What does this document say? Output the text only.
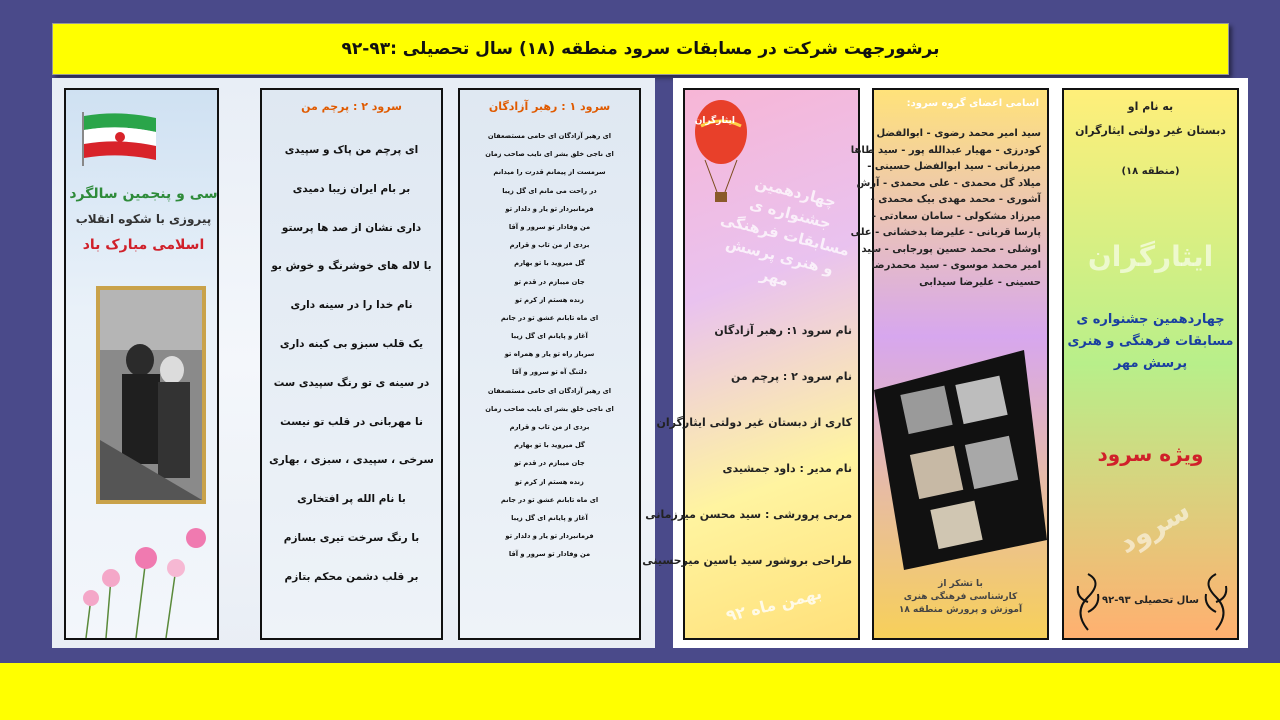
برشورجهت شرکت در مسابقات سرود منطقه (۱۸) سال تحصیلی :۹۳-۹۲
سی و پنجمین سالگرد
پیروزی با شکوه انقلاب
اسلامی مبارک باد
سرود ۲ : پرچم من
ای پرچم من پاک و سپیدی
بر بام ایران زیبا دمیدی
داری نشان از صد ها پرستو
با لاله های خوشرنگ و خوش بو
نام خدا را در سینه داری
یک قلب سبزو بی کینه داری
در سینه ی تو رنگ سپیدی ست
نا مهربانی در قلب تو نیست
سرخی ، سپیدی ، سبزی ، بهاری
با نام الله پر افتخاری
با رنگ سرخت تیری بسازم
بر قلب دشمن محکم بتازم
سرود ۱ : رهبر آزادگان
ای رهبر آزادگان ای حامی مستضعفان
ای ناجی خلق بشر ای نایب صاحب زمان
سرمست از پیمانم قدرت را میدانم
در راحت می مانم ای گل زیبا
فرمانبردار تو یار و دلدار تو
من وفادار تو سرور و آقا
بردی از من تاب و قرارم
گل میروید با تو بهارم
جان میبازم در قدم تو
زنده هستم از کرم تو
ای ماه تابانم عشق تو در جانم
آغاز و پایانم ای گل زیبا
سرباز راه تو یار و همراه تو
دلتنگ آه تو سرور و آقا
ای رهبر آزادگان ای حامی مستضعفان
ای ناجی خلق بشر ای نایب صاحب زمان
بردی از من تاب و قرارم
گل میروید با تو بهارم
جان میبازم در قدم تو
زنده هستم از کرم تو
ای ماه تابانم عشق تو در جانم
آغاز و پایانم ای گل زیبا
فرمانبردار تو یار و دلدار تو
من وفادار تو سرور و آقا
ایثارگران
چهاردهمین جشنواره ی مسابقات فرهنگی و هنری پرسش مهر
نام سرود ۱: رهبر آزادگان
نام سرود ۲ : پرچم من
کاری از دبستان غیر دولتی ایثارگران
نام مدیر : داود جمشیدی
مربی پرورشی : سید محسن میرزمانی
طراحی بروشور سید یاسین میرحسینی
بهمن ماه ۹۲
اسامی اعضای گروه سرود:
سید امیر محمد رضوی - ابوالفضل
کودرزی - مهیار عبدالله پور - سید طاها
میرزمانی - سید ابوالفضل حسینی -
میلاد گل محمدی - علی محمدی - آرش
آشوری - محمد مهدی بیک محمدی -
میرزاد مشکولی - سامان سعادتی -
پارسا قربانی - علیرضا بدخشانی - علی
اوشلی - محمد حسین پورجابی - سید
امیر محمد موسوی - سید محمدرضا
حسینی - علیرضا سیدابی
با تشکر از
کارشناسی فرهنگی هنری
آموزش و پرورش منطقه ۱۸
به نام او
دبستان غیر دولتی ایثارگران
(منطقه ۱۸)
ایثارگران
چهاردهمین جشنواره ی
مسابقات فرهنگی و هنری
پرسش مهر
ویژه سرود
سرود
سال تحصیلی ۹۳-۹۲
